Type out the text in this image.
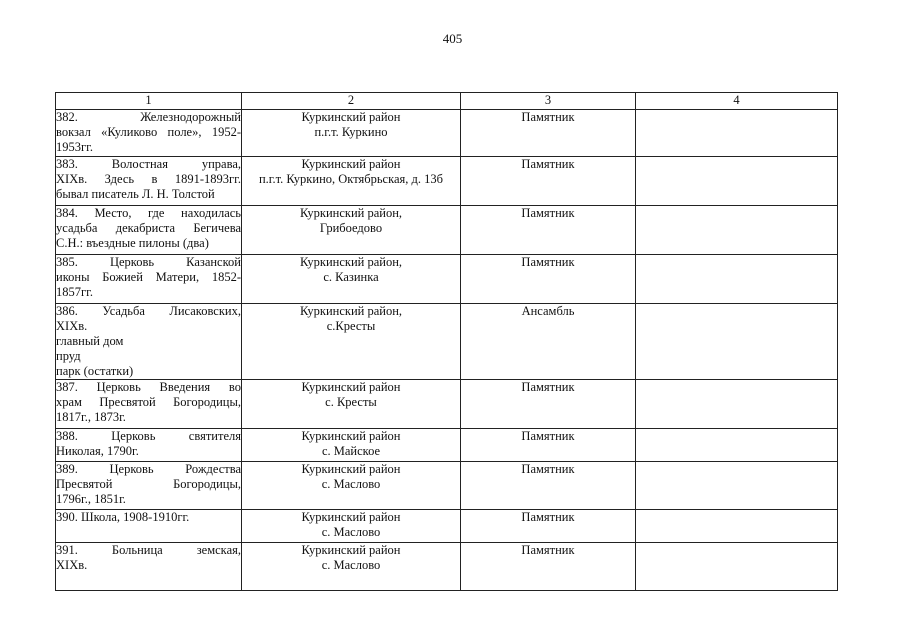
405
1	2	3	4

382. Железнодорожный
вокзал «Куликово поле», 1952-
1953гг.	Куркинский район
п.г.т. Куркино	Памятник	

383. Волостная управа,
XIXв. Здесь в 1891-1893гг.
бывал писатель Л. Н. Толстой	Куркинский район
п.г.т. Куркино, Октябрьская, д. 13б	Памятник	

384. Место, где находилась
усадьба декабриста Бегичева
С.Н.: въездные пилоны (два)	Куркинский район,
Грибоедово	Памятник	

385. Церковь Казанской
иконы Божией Матери, 1852-
1857гг.	Куркинский район,
с. Казинка	Памятник	

386. Усадьба Лисаковских,
XIXв.
главный дом
пруд
парк (остатки)	Куркинский район,
с.Кресты	Ансамбль	

387. Церковь Введения во
храм Пресвятой Богородицы,
1817г., 1873г.	Куркинский район
с. Кресты	Памятник	

388. Церковь святителя
Николая, 1790г.	Куркинский район
с. Майское	Памятник	

389. Церковь Рождества
Пресвятой Богородицы,
1796г., 1851г.	Куркинский район
с. Маслово	Памятник	

390. Школа, 1908-1910гг.	Куркинский район
с. Маслово	Памятник	

391. Больница земская,
XIXв.	Куркинский район
с. Маслово	Памятник	
